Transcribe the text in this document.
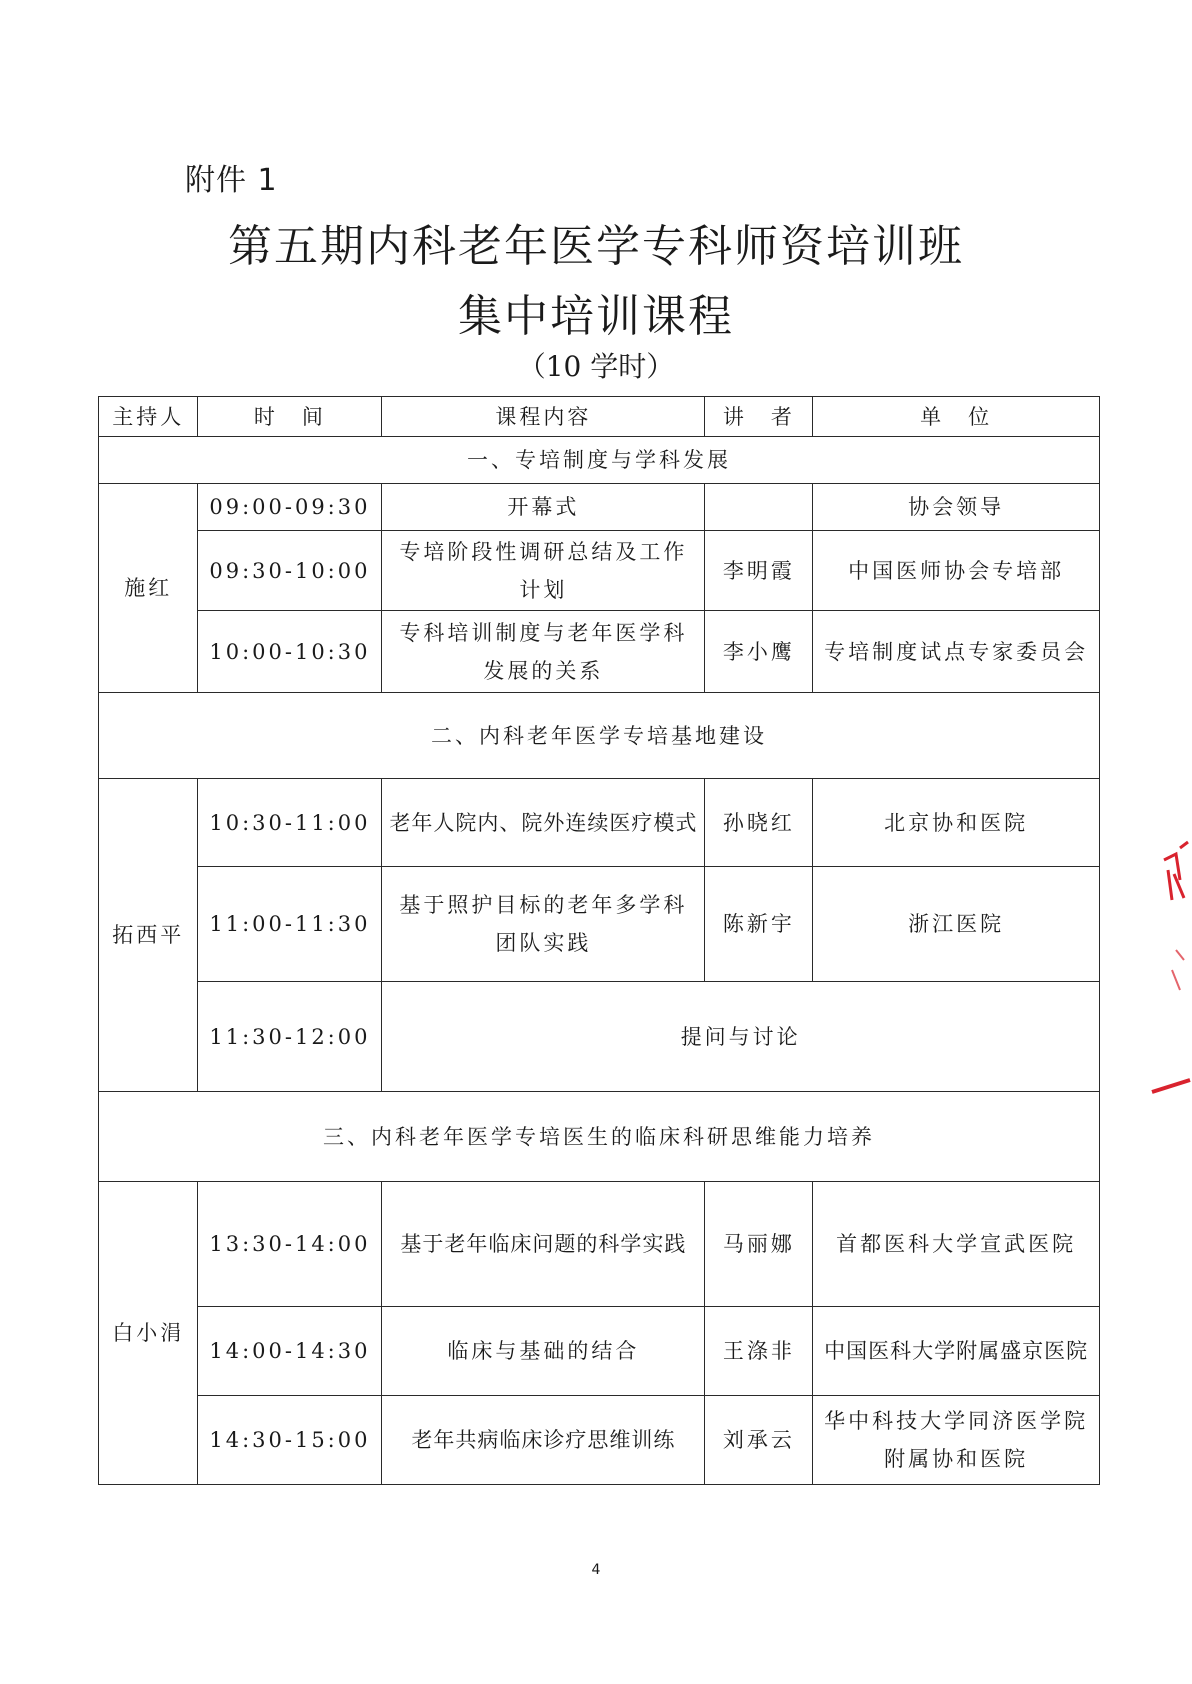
附件 1
第五期内科老年医学专科师资培训班
集中培训课程
（10 学时）
主持人	时　间	课程内容	讲　者	单　位
一、专培制度与学科发展				
施红	09:00-09:30	开幕式		协会领导
	09:30-10:00	专培阶段性调研总结及工作计划	李明霞	中国医师协会专培部
	10:00-10:30	专科培训制度与老年医学科发展的关系	李小鹰	专培制度试点专家委员会
二、内科老年医学专培基地建设				
拓西平	10:30-11:00	老年人院内、院外连续医疗模式	孙晓红	北京协和医院
	11:00-11:30	基于照护目标的老年多学科团队实践	陈新宇	浙江医院
	11:30-12:00	提问与讨论		
三、内科老年医学专培医生的临床科研思维能力培养				
白小涓	13:30-14:00	基于老年临床问题的科学实践	马丽娜	首都医科大学宣武医院
	14:00-14:30	临床与基础的结合	王涤非	中国医科大学附属盛京医院
	14:30-15:00	老年共病临床诊疗思维训练	刘承云	华中科技大学同济医学院附属协和医院
4
